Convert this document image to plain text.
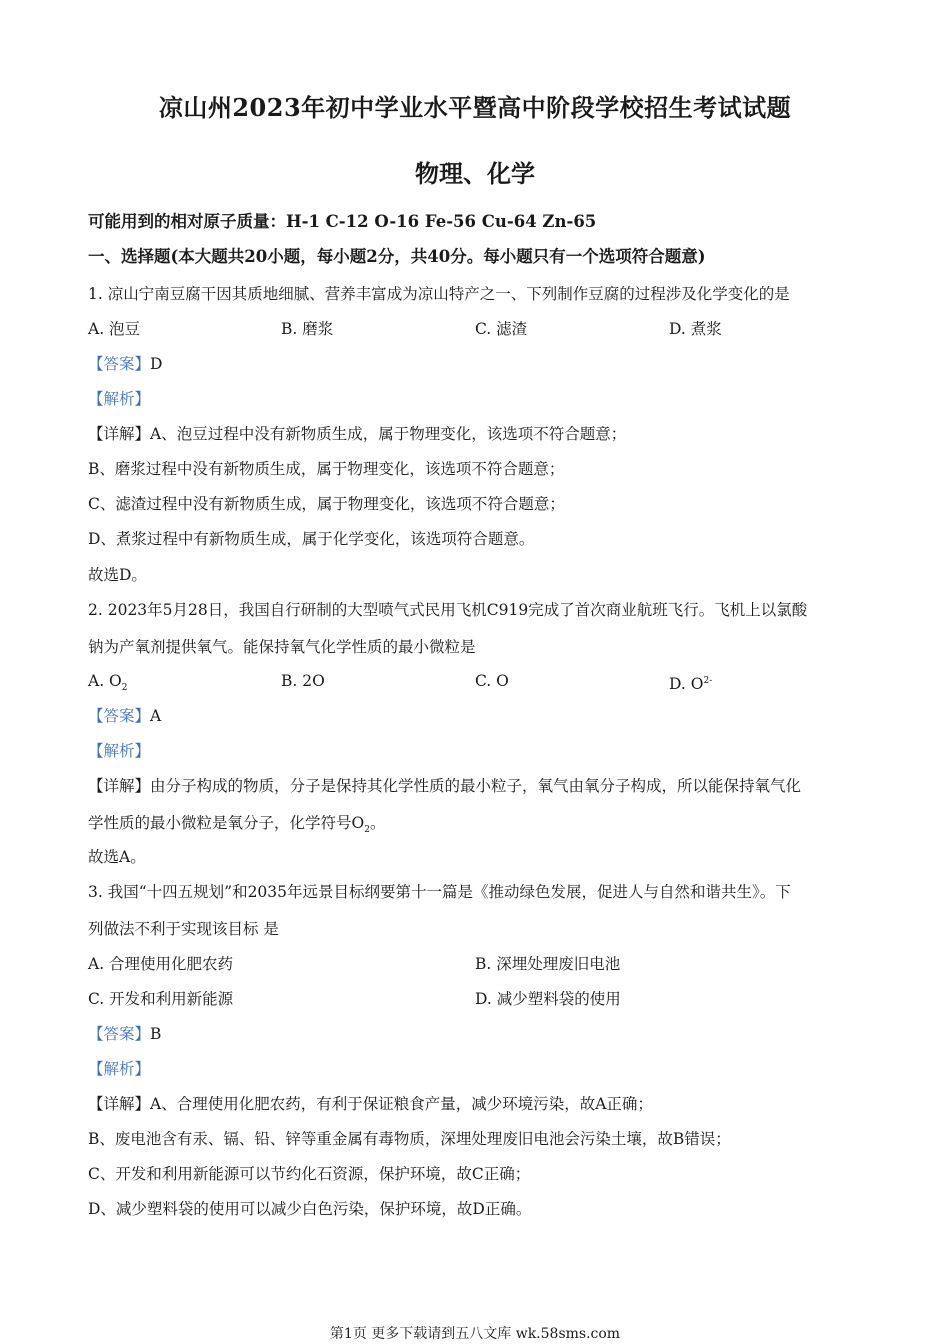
凉山州2023年初中学业水平暨高中阶段学校招生考试试题
物理、化学
可能用到的相对原子质量：H-1 C-12 O-16 Fe-56 Cu-64 Zn-65
一、选择题(本大题共20小题，每小题2分，共40分。每小题只有一个选项符合题意)
1. 凉山宁南豆腐干因其质地细腻、营养丰富成为凉山特产之一、下列制作豆腐的过程涉及化学变化的是
A. 泡豆	B. 磨浆	C. 滤渣	D. 煮浆
【答案】D
【解析】
【详解】A、泡豆过程中没有新物质生成，属于物理变化，该选项不符合题意；
B、磨浆过程中没有新物质生成，属于物理变化，该选项不符合题意；
C、滤渣过程中没有新物质生成，属于物理变化，该选项不符合题意；
D、煮浆过程中有新物质生成，属于化学变化，该选项符合题意。
故选D。
2. 2023年5月28日，我国自行研制的大型喷气式民用飞机C919完成了首次商业航班飞行。飞机上以氯酸
钠为产氧剂提供氧气。能保持氧气化学性质的最小微粒是
A. $O_2$	B. 2O	C. O	D. $O^{2-}$
【答案】A
【解析】
【详解】由分子构成的物质，分子是保持其化学性质的最小粒子，氧气由氧分子构成，所以能保持氧气化
学性质的最小微粒是氧分子，化学符号$O_2$。
故选A。
3. 我国“十四五规划”和2035年远景目标纲要第十一篇是《推动绿色发展，促进人与自然和谐共生》。下
列做法不利于实现该目标 是
A. 合理使用化肥农药	B. 深埋处理废旧电池
C. 开发和利用新能源	D. 减少塑料袋的使用
【答案】B
【解析】
【详解】A、合理使用化肥农药，有利于保证粮食产量，减少环境污染，故A正确；
B、废电池含有汞、镉、铅、锌等重金属有毒物质，深埋处理废旧电池会污染土壤，故B错误；
C、开发和利用新能源可以节约化石资源，保护环境，故C正确；
D、减少塑料袋的使用可以减少白色污染，保护环境，故D正确。
第1页 更多下载请到五八文库 wk.58sms.com
